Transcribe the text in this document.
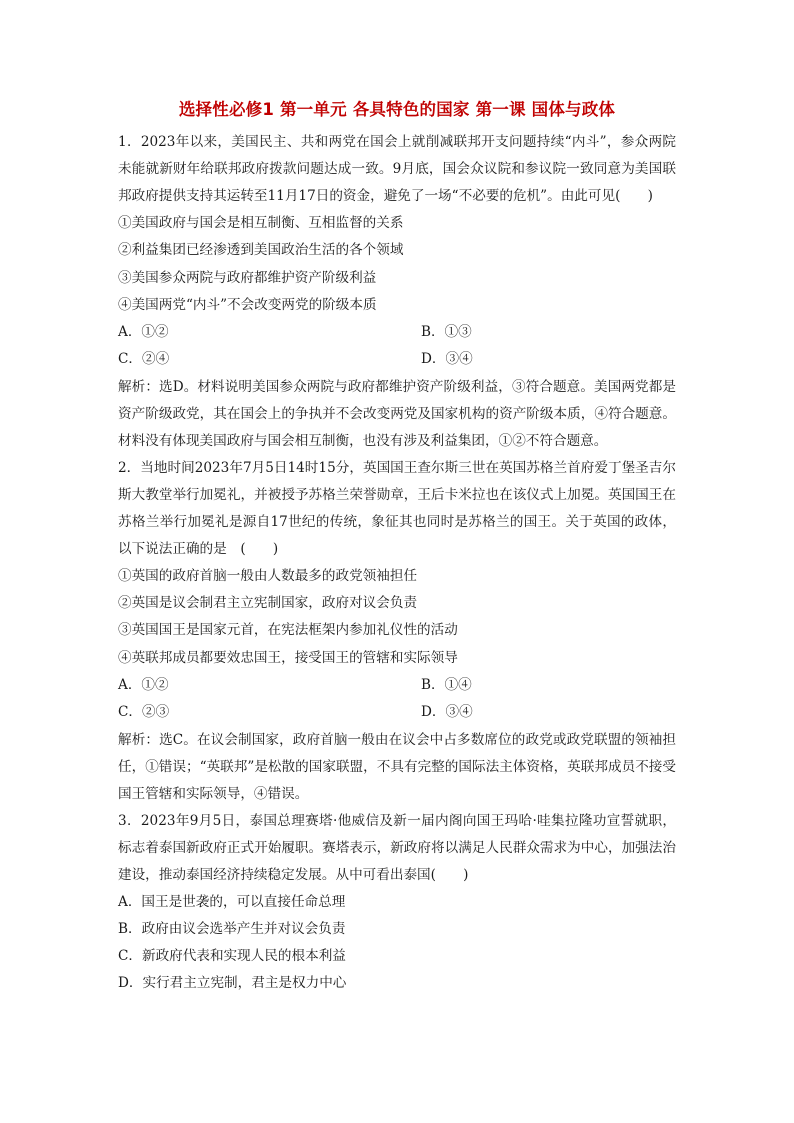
选择性必修1 第一单元 各具特色的国家 第一课 国体与政体

1．2023年以来，美国民主、共和两党在国会上就削减联邦开支问题持续“内斗”，参众两院未能就新财年给联邦政府拨款问题达成一致。9月底，国会众议院和参议院一致同意为美国联邦政府提供支持其运转至11月17日的资金，避免了一场“不必要的危机”。由此可见(　　)

①美国政府与国会是相互制衡、互相监督的关系

②利益集团已经渗透到美国政治生活的各个领域

③美国参众两院与政府都维护资产阶级利益

④美国两党“内斗”不会改变两党的阶级本质

A．①②	B．①③
C．②④	D．③④

解析：选D。材料说明美国参众两院与政府都维护资产阶级利益，③符合题意。美国两党都是资产阶级政党，其在国会上的争执并不会改变两党及国家机构的资产阶级本质，④符合题意。材料没有体现美国政府与国会相互制衡，也没有涉及利益集团，①②不符合题意。

2．当地时间2023年7月5日14时15分，英国国王查尔斯三世在英国苏格兰首府爱丁堡圣吉尔斯大教堂举行加冕礼，并被授予苏格兰荣誉勋章，王后卡米拉也在该仪式上加冕。英国国王在苏格兰举行加冕礼是源自17世纪的传统，象征其也同时是苏格兰的国王。关于英国的政体，以下说法正确的是　(　　)

①英国的政府首脑一般由人数最多的政党领袖担任

②英国是议会制君主立宪制国家，政府对议会负责

③英国国王是国家元首，在宪法框架内参加礼仪性的活动

④英联邦成员都要效忠国王，接受国王的管辖和实际领导

A．①②	B．①④
C．②③	D．③④

解析：选C。在议会制国家，政府首脑一般由在议会中占多数席位的政党或政党联盟的领袖担任，①错误；“英联邦”是松散的国家联盟，不具有完整的国际法主体资格，英联邦成员不接受国王管辖和实际领导，④错误。

3．2023年9月5日，泰国总理赛塔·他威信及新一届内阁向国王玛哈·哇集拉隆功宣誓就职，标志着泰国新政府正式开始履职。赛塔表示，新政府将以满足人民群众需求为中心，加强法治建设，推动泰国经济持续稳定发展。从中可看出泰国(　　)

A．国王是世袭的，可以直接任命总理

B．政府由议会选举产生并对议会负责

C．新政府代表和实现人民的根本利益

D．实行君主立宪制，君主是权力中心
